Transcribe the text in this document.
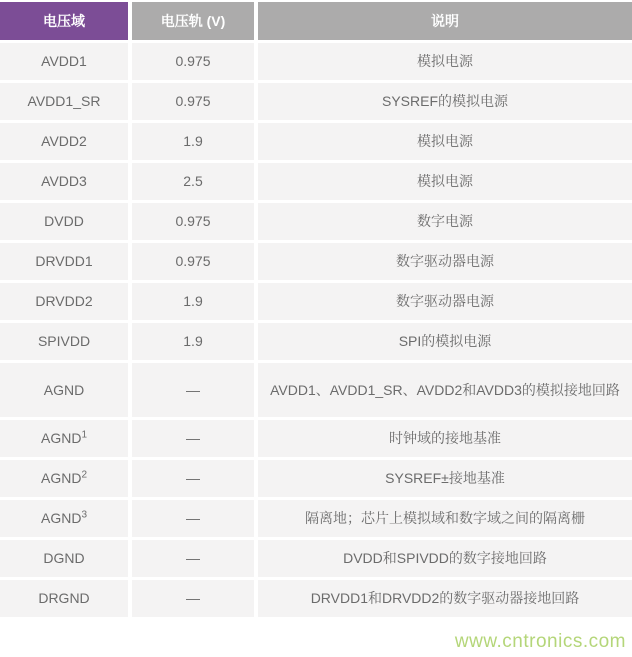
电压域	电压轨 (V)	说明
AVDD1	0.975	模拟电源
AVDD1_SR	0.975	SYSREF的模拟电源
AVDD2	1.9	模拟电源
AVDD3	2.5	模拟电源
DVDD	0.975	数字电源
DRVDD1	0.975	数字驱动器电源
DRVDD2	1.9	数字驱动器电源
SPIVDD	1.9	SPI的模拟电源
AGND	—	AVDD1、AVDD1_SR、AVDD2和AVDD3的模拟接地回路
AGND$^1$	—	时钟域的接地基准
AGND$^2$	—	SYSREF±接地基准
AGND$^3$	—	隔离地；芯片上模拟域和数字域之间的隔离栅
DGND	—	DVDD和SPIVDD的数字接地回路
DRGND	—	DRVDD1和DRVDD2的数字驱动器接地回路
www.cntronics.com
